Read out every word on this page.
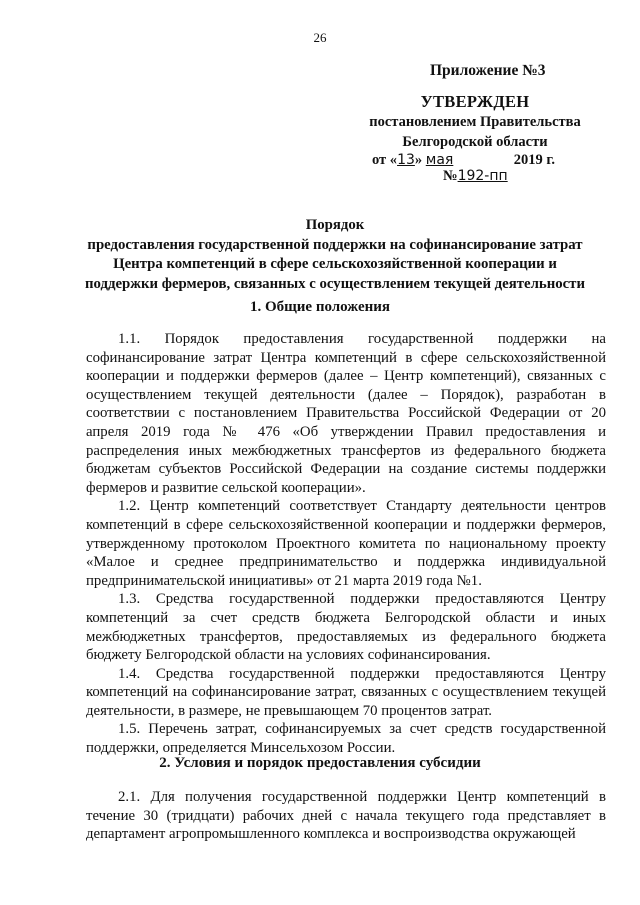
26
Приложение №3
УТВЕРЖДЕН
постановлением Правительства
Белгородской области
от «13» мая	2019 г.
№192-пп
Порядок
предоставления государственной поддержки на софинансирование затрат
Центра компетенций в сфере сельскохозяйственной кооперации и
поддержки фермеров, связанных с осуществлением текущей деятельности
1. Общие положения

1.1. Порядок предоставления государственной поддержки на софинансирование затрат Центра компетенций в сфере сельскохозяйственной кооперации и поддержки фермеров (далее – Центр компетенций), связанных с осуществлением текущей деятельности (далее – Порядок), разработан в соответствии с постановлением Правительства Российской Федерации от 20 апреля 2019 года № 476 «Об утверждении Правил предоставления и распределения иных межбюджетных трансфертов из федерального бюджета бюджетам субъектов Российской Федерации на создание системы поддержки фермеров и развитие сельской кооперации».

1.2. Центр компетенций соответствует Стандарту деятельности центров компетенций в сфере сельскохозяйственной кооперации и поддержки фермеров, утвержденному протоколом Проектного комитета по национальному проекту «Малое и среднее предпринимательство и поддержка индивидуальной предпринимательской инициативы» от 21 марта 2019 года №1.

1.3. Средства государственной поддержки предоставляются Центру компетенций за счет средств бюджета Белгородской области и иных межбюджетных трансфертов, предоставляемых из федерального бюджета бюджету Белгородской области на условиях софинансирования.

1.4. Средства государственной поддержки предоставляются Центру компетенций на софинансирование затрат, связанных с осуществлением текущей деятельности, в размере, не превышающем 70 процентов затрат.

1.5. Перечень затрат, софинансируемых за счет средств государственной поддержки, определяется Минсельхозом России.

2. Условия и порядок предоставления субсидии

2.1. Для получения государственной поддержки Центр компетенций в течение 30 (тридцати) рабочих дней с начала текущего года представляет в департамент агропромышленного комплекса и воспроизводства окружающей
